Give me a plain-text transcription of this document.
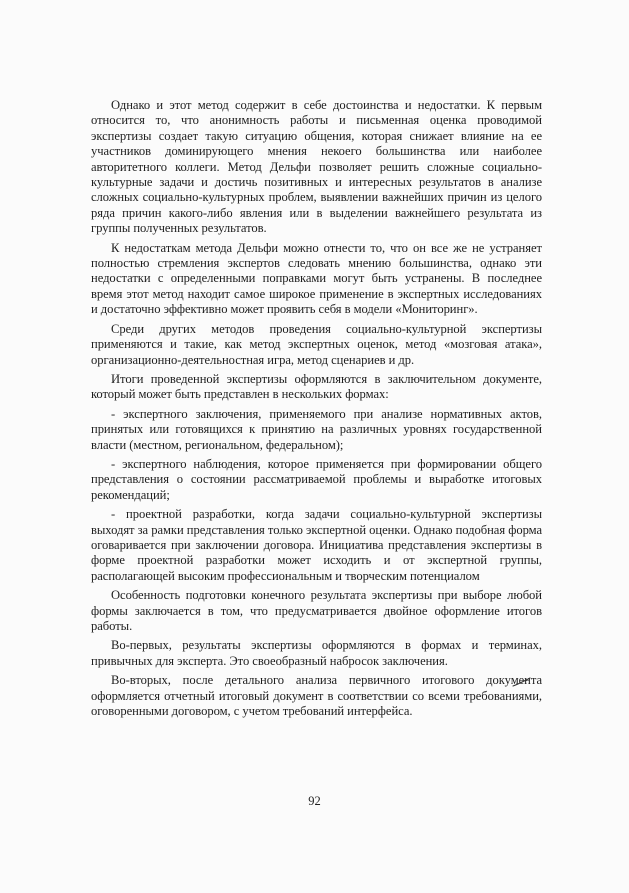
Однако и этот метод содержит в себе достоинства и недостатки. К первым относится то, что анонимность работы и письменная оценка проводимой экспертизы создает такую ситуацию общения, которая снижает влияние на ее участников доминирующего мнения некоего большинства или наиболее авторитетного коллеги. Метод Дельфи позволяет решить сложные социально-культурные задачи и достичь позитивных и интересных результатов в анализе сложных социально-культурных проблем, выявлении важнейших причин из целого ряда причин какого-либо явления или в выделении важнейшего результата из группы полученных результатов.

К недостаткам метода Дельфи можно отнести то, что он все же не устраняет полностью стремления экспертов следовать мнению большинства, однако эти недостатки с определенными поправками могут быть устранены. В последнее время этот метод находит самое широкое применение в экспертных исследованиях и достаточно эффективно может проявить себя в модели «Мониторинг».

Среди других методов проведения социально-культурной экспертизы применяются и такие, как метод экспертных оценок, метод «мозговая атака», организационно-деятельностная игра, метод сценариев и др.

Итоги проведенной экспертизы оформляются в заключительном документе, который может быть представлен в нескольких формах:

- экспертного заключения, применяемого при анализе нормативных актов, принятых или готовящихся к принятию на различных уровнях государственной власти (местном, региональном, федеральном);

- экспертного наблюдения, которое применяется при формировании общего представления о состоянии рассматриваемой проблемы и выработке итоговых рекомендаций;

- проектной разработки, когда задачи социально-культурной экспертизы выходят за рамки представления только экспертной оценки. Однако подобная форма оговаривается при заключении договора. Инициатива представления экспертизы в форме проектной разработки может исходить и от экспертной группы, располагающей высоким профессиональным и творческим потенциалом

Особенность подготовки конечного результата экспертизы при выборе любой формы заключается в том, что предусматривается двойное оформление итогов работы.

Во-первых, результаты экспертизы оформляются в формах и терминах, привычных для эксперта. Это своеобразный набросок заключения.

Во-вторых, после детального анализа первичного итогового документа оформляется отчетный итоговый документ в соответствии со всеми требованиями, оговоренными договором, с учетом требований интерфейса.

92
